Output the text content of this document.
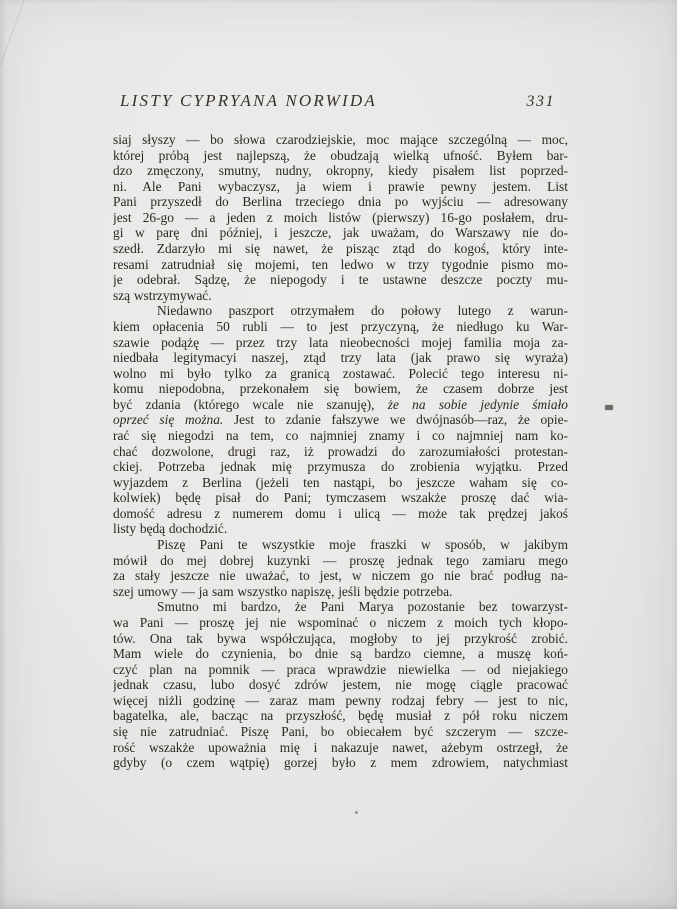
LISTY CYPRYANA NORWIDA	331
siaj słyszy — bo słowa czarodziejskie, moc mające szczególną — moc,
której próbą jest najlepszą, że obudzają wielką ufność. Byłem bar-
dzo zmęczony, smutny, nudny, okropny, kiedy pisałem list poprzed-
ni. Ale Pani wybaczysz, ja wiem i prawie pewny jestem. List
Pani przyszedł do Berlina trzeciego dnia po wyjściu — adresowany
jest 26-go — a jeden z moich listów (pierwszy) 16-go posłałem, dru-
gi w parę dni później, i jeszcze, jak uważam, do Warszawy nie do-
szedł. Zdarzyło mi się nawet, że pisząc ztąd do kogoś, który inte-
resami zatrudniał się mojemi, ten ledwo w trzy tygodnie pismo mo-
je odebrał. Sądzę, że niepogody i te ustawne deszcze poczty mu-
szą wstrzymywać.
Niedawno paszport otrzymałem do połowy lutego z warun-
kiem opłacenia 50 rubli — to jest przyczyną, że niedługo ku War-
szawie podążę — przez trzy lata nieobecności mojej familia moja za-
niedbała legitymacyi naszej, ztąd trzy lata (jak prawo się wyraża)
wolno mi było tylko za granicą zostawać. Polecić tego interesu ni-
komu niepodobna, przekonałem się bowiem, że czasem dobrze jest
być zdania (którego wcale nie szanuję), że na sobie jedynie śmiało
oprzeć się można. Jest to zdanie fałszywe we dwójnasób—raz, że opie-
rać się niegodzi na tem, co najmniej znamy i co najmniej nam ko-
chać dozwolone, drugi raz, iż prowadzi do zarozumiałości protestan-
ckiej. Potrzeba jednak mię przymusza do zrobienia wyjątku. Przed
wyjazdem z Berlina (jeżeli ten nastąpi, bo jeszcze waham się co-
kolwiek) będę pisał do Pani; tymczasem wszakże proszę dać wia-
domość adresu z numerem domu i ulicą — może tak prędzej jakoś
listy będą dochodzić.
Piszę Pani te wszystkie moje fraszki w sposób, w jakibym
mówił do mej dobrej kuzynki — proszę jednak tego zamiaru mego
za stały jeszcze nie uważać, to jest, w niczem go nie brać podług na-
szej umowy — ja sam wszystko napiszę, jeśli będzie potrzeba.
Smutno mi bardzo, że Pani Marya pozostanie bez towarzyst-
wa Pani — proszę jej nie wspominać o niczem z moich tych kłopo-
tów. Ona tak bywa współczująca, mogłoby to jej przykrość zrobić.
Mam wiele do czynienia, bo dnie są bardzo ciemne, a muszę koń-
czyć plan na pomnik — praca wprawdzie niewielka — od niejakiego
jednak czasu, lubo dosyć zdrów jestem, nie mogę ciągle pracować
więcej niżli godzinę — zaraz mam pewny rodzaj febry — jest to nic,
bagatelka, ale, bacząc na przyszłość, będę musiał z pół roku niczem
się nie zatrudniać. Piszę Pani, bo obiecałem być szczerym — szcze-
rość wszakże upoważnia mię i nakazuje nawet, ażebym ostrzegł, że
gdyby (o czem wątpię) gorzej było z mem zdrowiem, natychmiast
